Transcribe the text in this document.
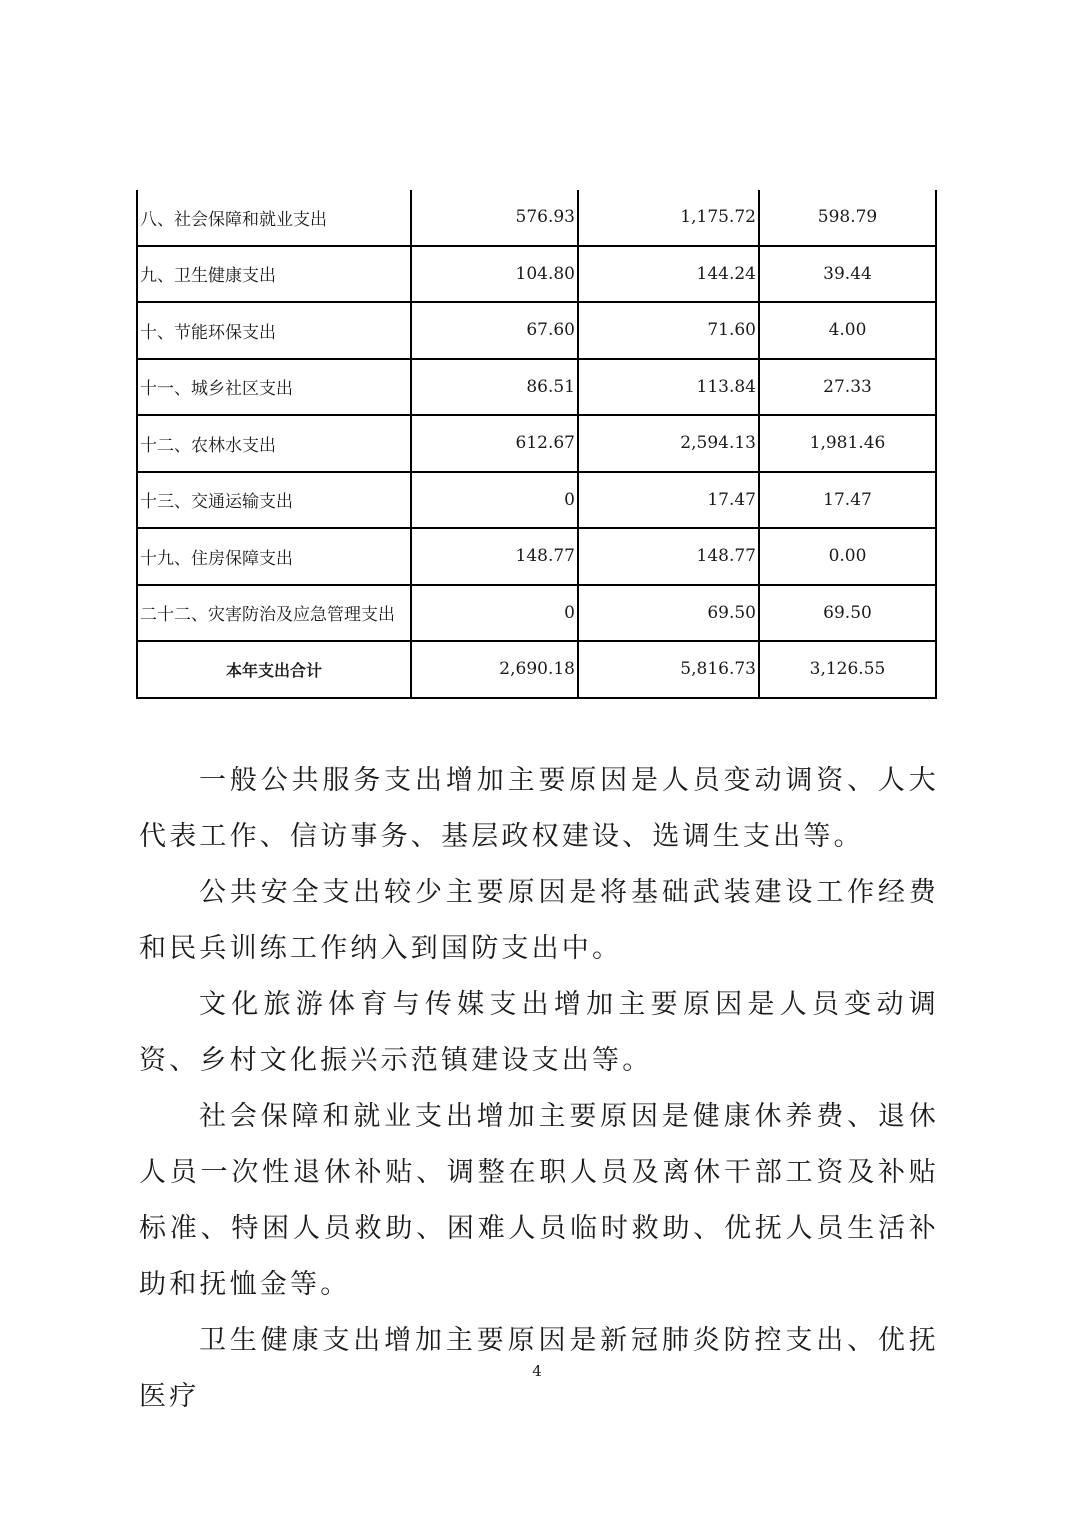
八、社会保障和就业支出	576.93	1,175.72	598.79
九、卫生健康支出	104.80	144.24	39.44
十、节能环保支出	67.60	71.60	4.00
十一、城乡社区支出	86.51	113.84	27.33
十二、农林水支出	612.67	2,594.13	1,981.46
十三、交通运输支出	0	17.47	17.47
十九、住房保障支出	148.77	148.77	0.00
二十二、灾害防治及应急管理支出	0	69.50	69.50
本年支出合计	2,690.18	5,816.73	3,126.55

一般公共服务支出增加主要原因是人员变动调资、人大代表工作、信访事务、基层政权建设、选调生支出等。

公共安全支出较少主要原因是将基础武装建设工作经费和民兵训练工作纳入到国防支出中。

文化旅游体育与传媒支出增加主要原因是人员变动调资、乡村文化振兴示范镇建设支出等。

社会保障和就业支出增加主要原因是健康休养费、退休人员一次性退休补贴、调整在职人员及离休干部工资及补贴标准、特困人员救助、困难人员临时救助、优抚人员生活补助和抚恤金等。

卫生健康支出增加主要原因是新冠肺炎防控支出、优抚医疗

4
